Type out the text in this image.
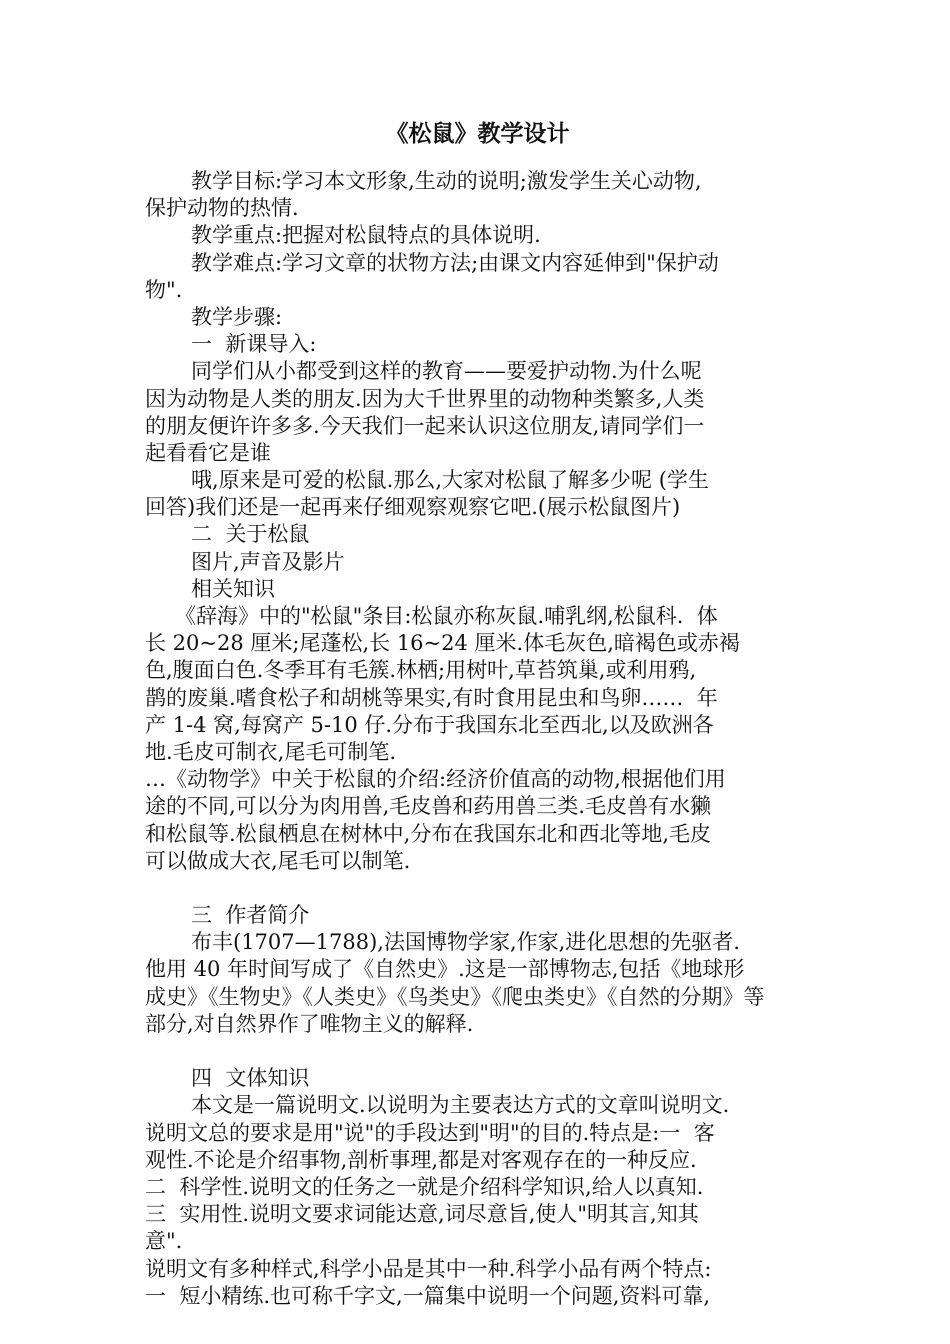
《松鼠》教学设计
教学目标:学习本文形象,生动的说明;激发学生关心动物,
保护动物的热情.
教学重点:把握对松鼠特点的具体说明.
教学难点:学习文章的状物方法;由课文内容延伸到"保护动
物".
教学步骤:
一  新课导入:
同学们从小都受到这样的教育——要爱护动物.为什么呢
因为动物是人类的朋友.因为大千世界里的动物种类繁多,人类
的朋友便许许多多.今天我们一起来认识这位朋友,请同学们一
起看看它是谁
哦,原来是可爱的松鼠.那么,大家对松鼠了解多少呢 (学生
回答)我们还是一起再来仔细观察观察它吧.(展示松鼠图片)
二  关于松鼠
图片,声音及影片
相关知识
《辞海》中的"松鼠"条目:松鼠亦称灰鼠.哺乳纲,松鼠科.  体
长 20~28 厘米;尾蓬松,长 16~24 厘米.体毛灰色,暗褐色或赤褐
色,腹面白色.冬季耳有毛簇.林栖;用树叶,草苔筑巢,或利用鸦,
鹊的废巢.嗜食松子和胡桃等果实,有时食用昆虫和鸟卵……  年
产 1-4 窝,每窝产 5-10 仔.分布于我国东北至西北,以及欧洲各
地.毛皮可制衣,尾毛可制笔.
…《动物学》中关于松鼠的介绍:经济价值高的动物,根据他们用
途的不同,可以分为肉用兽,毛皮兽和药用兽三类.毛皮兽有水獭
和松鼠等.松鼠栖息在树林中,分布在我国东北和西北等地,毛皮
可以做成大衣,尾毛可以制笔.
三  作者简介
布丰(1707—1788),法国博物学家,作家,进化思想的先驱者.
他用 40 年时间写成了《自然史》.这是一部博物志,包括《地球形
成史》《生物史》《人类史》《鸟类史》《爬虫类史》《自然的分期》等
部分,对自然界作了唯物主义的解释.
四  文体知识
本文是一篇说明文.以说明为主要表达方式的文章叫说明文.
说明文总的要求是用"说"的手段达到"明"的目的.特点是:一  客
观性.不论是介绍事物,剖析事理,都是对客观存在的一种反应.
二  科学性.说明文的任务之一就是介绍科学知识,给人以真知.
三  实用性.说明文要求词能达意,词尽意旨,使人"明其言,知其
意".
说明文有多种样式,科学小品是其中一种.科学小品有两个特点:
一  短小精练.也可称千字文,一篇集中说明一个问题,资料可靠,
